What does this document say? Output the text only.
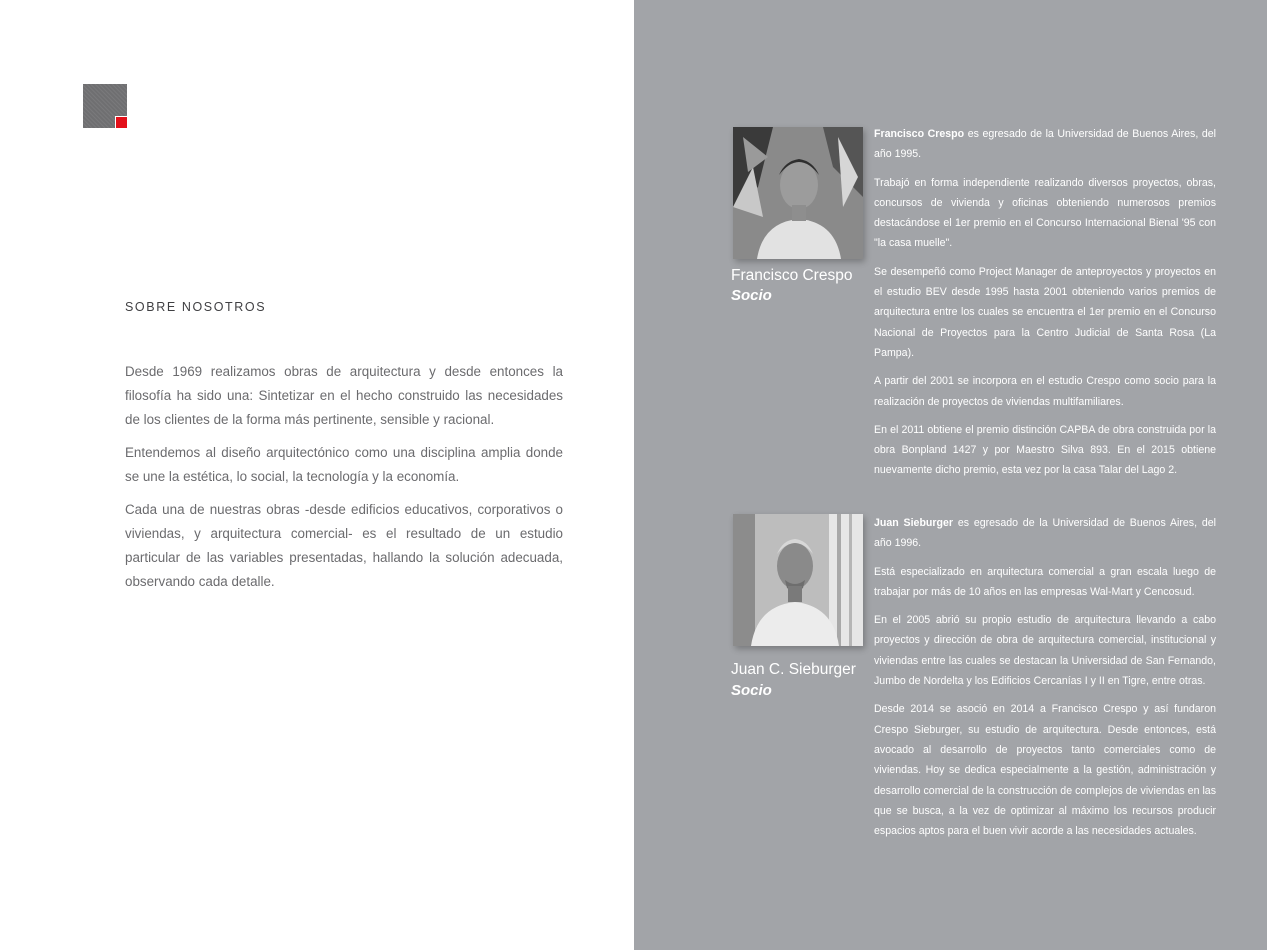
SOBRE NOSOTROS

Desde 1969 realizamos obras de arquitectura y desde entonces la filosofía ha sido una: Sintetizar en el hecho construido las necesidades de los clientes de la forma más pertinente, sensible y racional.

Entendemos al diseño arquitectónico como una disciplina amplia donde se une la estética, lo social, la tecnología y la economía.

Cada una de nuestras obras -desde edificios educativos, corporativos o viviendas, y arquitectura comercial- es el resultado de un estudio particular de las variables presentadas, hallando la solución adecuada, observando cada detalle.

Francisco Crespo
Socio

Francisco Crespo es egresado de la Universidad de Buenos Aires, del año 1995.

Trabajó en forma independiente realizando diversos proyectos, obras, concursos de vivienda y oficinas obteniendo numerosos premios destacándose el 1er premio en el Concurso Internacional Bienal '95 con "la casa muelle".

Se desempeñó como Project Manager de anteproyectos y proyectos en el estudio BEV desde 1995 hasta 2001 obteniendo varios premios de arquitectura entre los cuales se encuentra el 1er premio en el Concurso Nacional de Proyectos para la Centro Judicial de Santa Rosa (La Pampa).

A partir del 2001 se incorpora en el estudio Crespo como socio para la realización de proyectos de viviendas multifamiliares.

En el 2011 obtiene el premio distinción CAPBA de obra construida por la obra Bonpland 1427 y por Maestro Silva 893. En el 2015 obtiene nuevamente dicho premio, esta vez por la casa Talar del Lago 2.

Juan C. Sieburger
Socio

Juan Sieburger es egresado de la Universidad de Buenos Aires, del año 1996.

Está especializado en arquitectura comercial a gran escala luego de trabajar por más de 10 años en las empresas Wal-Mart y Cencosud.

En el 2005 abrió su propio estudio de arquitectura llevando a cabo proyectos y dirección de obra de arquitectura comercial, institucional y viviendas entre las cuales se destacan la Universidad de San Fernando, Jumbo de Nordelta y los Edificios Cercanías I y II en Tigre, entre otras.

Desde 2014 se asoció en 2014 a Francisco Crespo y así fundaron Crespo Sieburger, su estudio de arquitectura. Desde entonces, está avocado al desarrollo de proyectos tanto comerciales como de viviendas. Hoy se dedica especialmente a la gestión, administración y desarrollo comercial de la construcción de complejos de viviendas en las que se busca, a la vez de optimizar al máximo los recursos producir espacios aptos para el buen vivir acorde a las necesidades actuales.
